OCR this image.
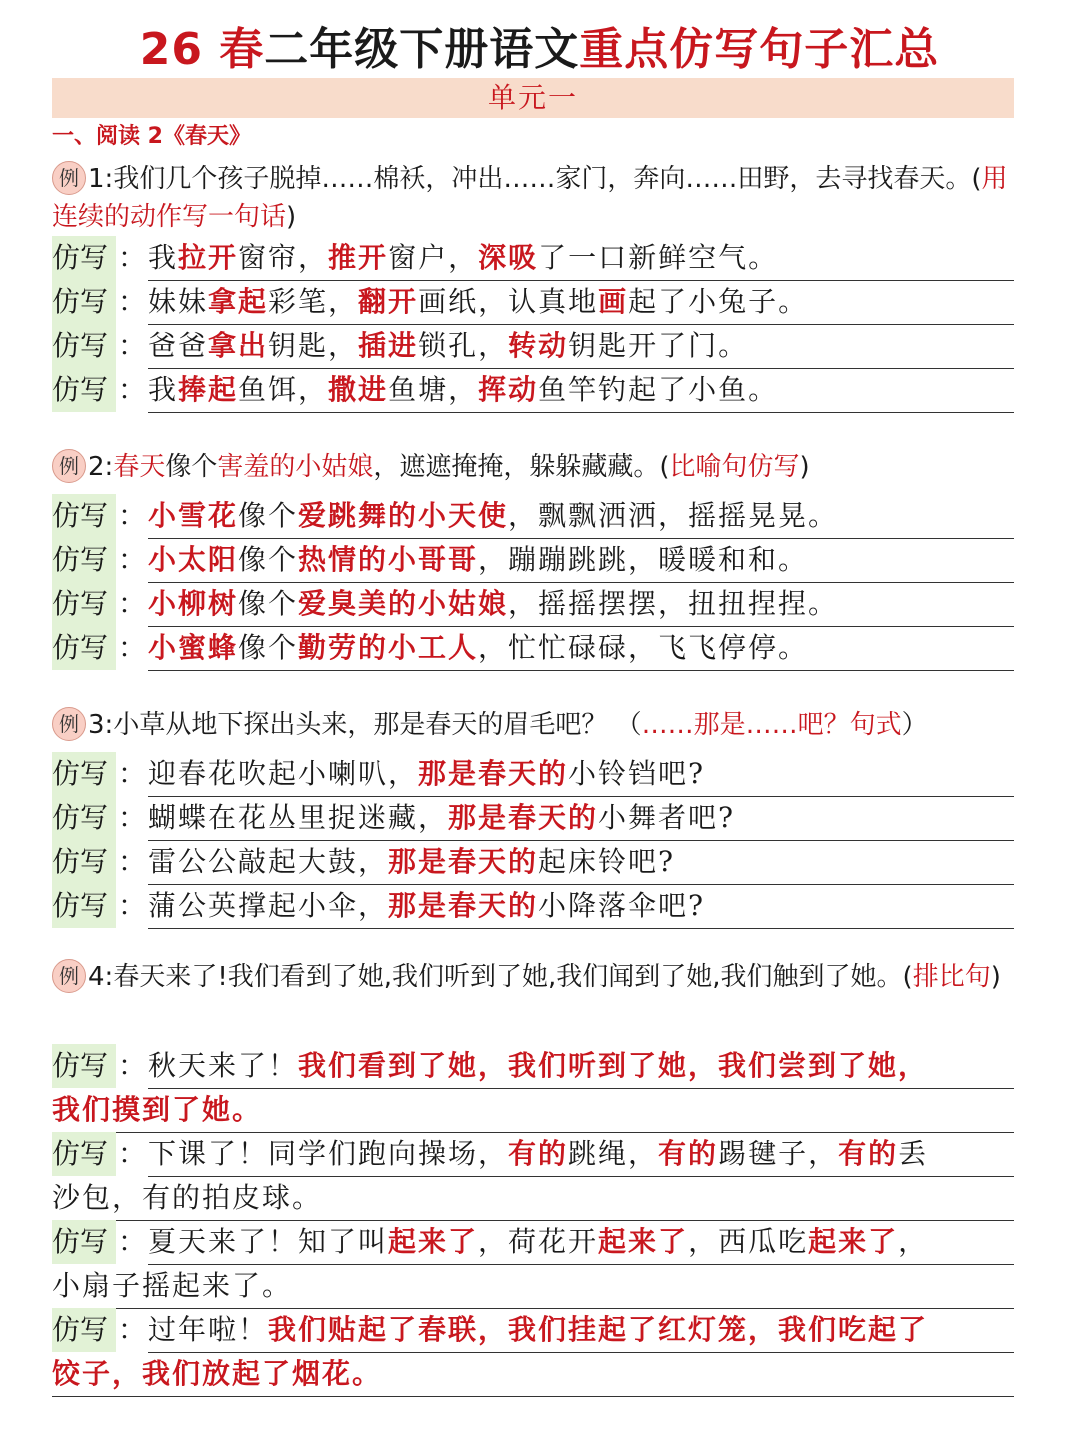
26 春二年级下册语文重点仿写句子汇总
单元一
一、阅读 2《春天》
例 1:我们几个孩子脱掉……棉袄，冲出……家门，奔向……田野，去寻找春天。(用连续的动作写一句话)
仿写 ： 我拉开窗帘，推开窗户，深吸了一口新鲜空气。
仿写 ： 妹妹拿起彩笔，翻开画纸，认真地画起了小兔子。
仿写 ： 爸爸拿出钥匙，插进锁孔，转动钥匙开了门。
仿写 ： 我捧起鱼饵，撒进鱼塘，挥动鱼竿钓起了小鱼。
例 2:春天像个害羞的小姑娘，遮遮掩掩，躲躲藏藏。(比喻句仿写)
仿写 ： 小雪花像个爱跳舞的小天使，飘飘洒洒，摇摇晃晃。
仿写 ： 小太阳像个热情的小哥哥，蹦蹦跳跳，暖暖和和。
仿写 ： 小柳树像个爱臭美的小姑娘，摇摇摆摆，扭扭捏捏。
仿写 ： 小蜜蜂像个勤劳的小工人，忙忙碌碌，飞飞停停。
例 3:小草从地下探出头来，那是春天的眉毛吧？ （……那是……吧？句式）
仿写 ： 迎春花吹起小喇叭，那是春天的小铃铛吧?
仿写 ： 蝴蝶在花丛里捉迷藏，那是春天的小舞者吧?
仿写 ： 雷公公敲起大鼓，那是春天的起床铃吧?
仿写 ： 蒲公英撑起小伞，那是春天的小降落伞吧?
例 4:春天来了!我们看到了她,我们听到了她,我们闻到了她,我们触到了她。(排比句)
仿写 ： 秋天来了！我们看到了她，我们听到了她，我们尝到了她，
我们摸到了她。
仿写 ： 下课了！同学们跑向操场，有的跳绳，有的踢毽子，有的丢
沙包，有的拍皮球。
仿写 ： 夏天来了！知了叫起来了，荷花开起来了，西瓜吃起来了，
小扇子摇起来了。
仿写 ： 过年啦！我们贴起了春联，我们挂起了红灯笼，我们吃起了
饺子，我们放起了烟花。
